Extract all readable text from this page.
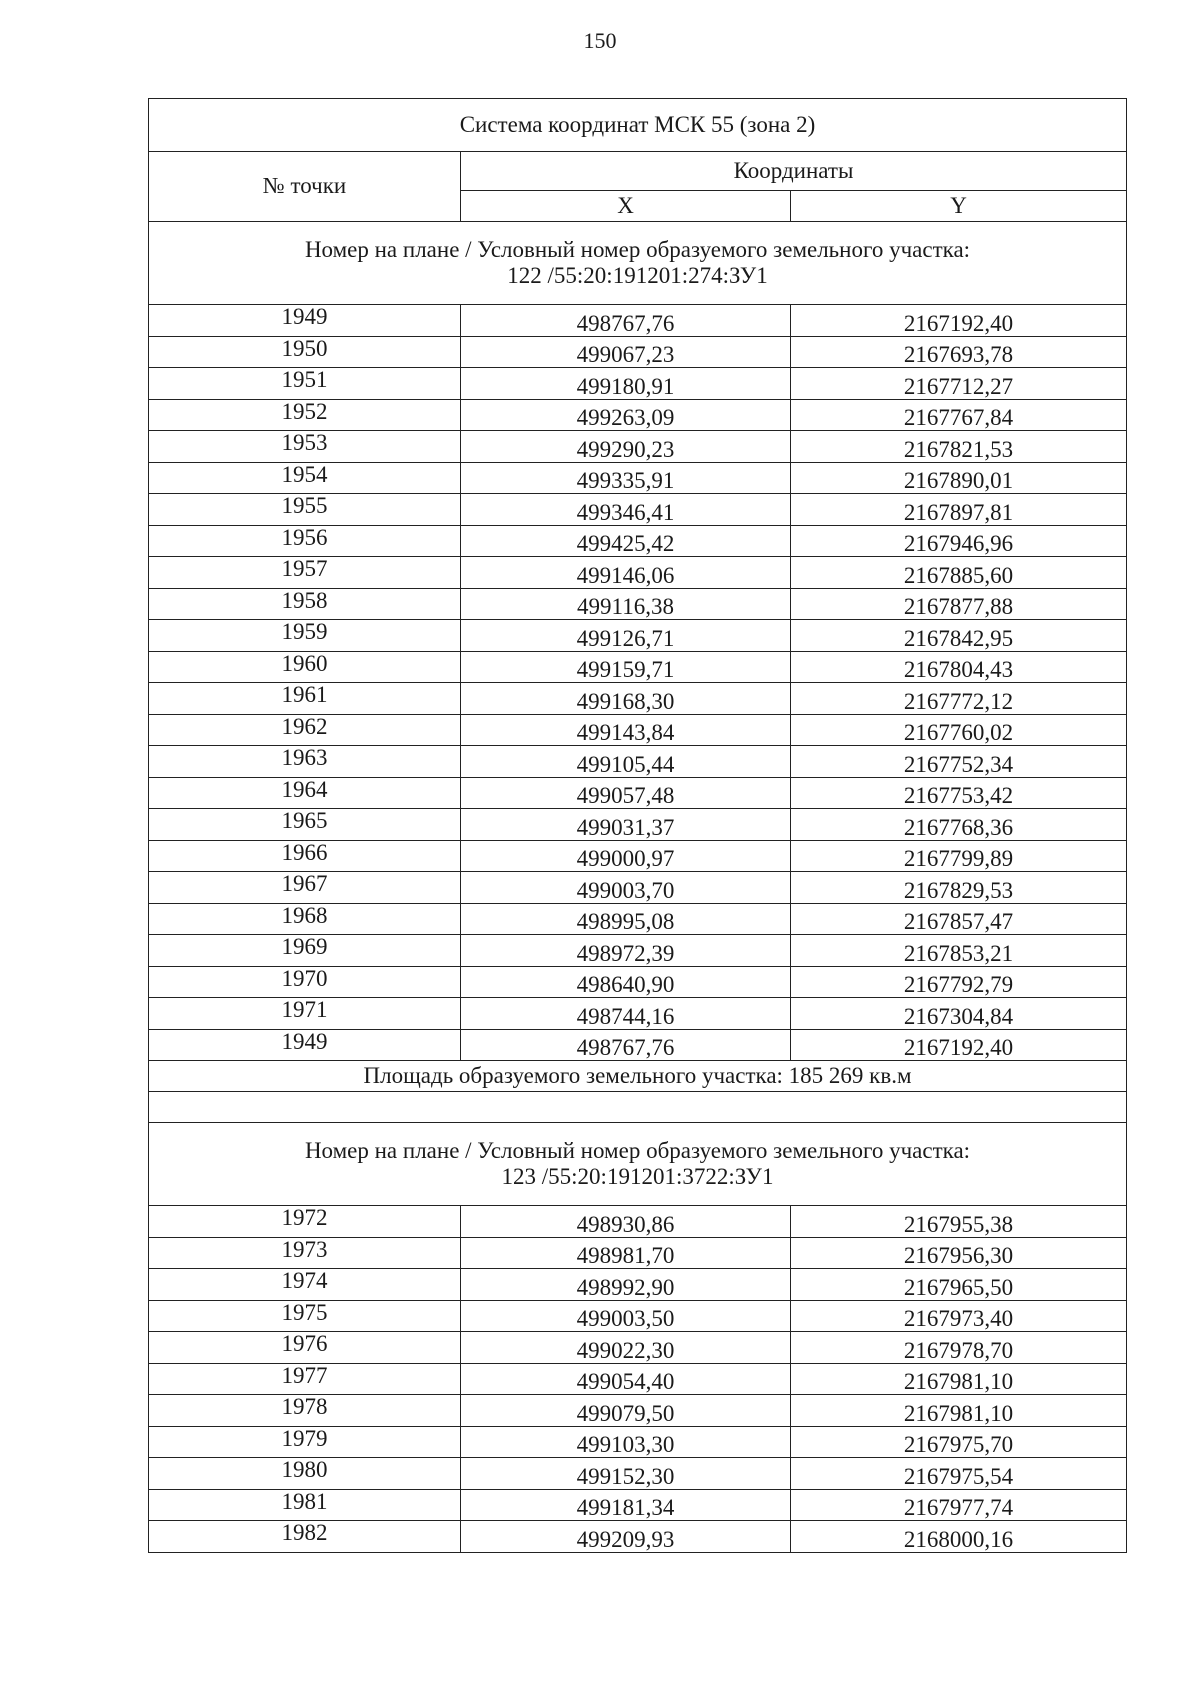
150
Система координат МСК 55 (зона 2)		
№ точки	Координаты	
	X	Y

Номер на плане / Условный номер образуемого земельного участка:
122 /55:20:191201:274:ЗУ1		

1949	498767,76	2167192,40
1950	499067,23	2167693,78
1951	499180,91	2167712,27
1952	499263,09	2167767,84
1953	499290,23	2167821,53
1954	499335,91	2167890,01
1955	499346,41	2167897,81
1956	499425,42	2167946,96
1957	499146,06	2167885,60
1958	499116,38	2167877,88
1959	499126,71	2167842,95
1960	499159,71	2167804,43
1961	499168,30	2167772,12
1962	499143,84	2167760,02
1963	499105,44	2167752,34
1964	499057,48	2167753,42
1965	499031,37	2167768,36
1966	499000,97	2167799,89
1967	499003,70	2167829,53
1968	498995,08	2167857,47
1969	498972,39	2167853,21
1970	498640,90	2167792,79
1971	498744,16	2167304,84
1949	498767,76	2167192,40
Площадь образуемого земельного участка: 185 269 кв.м		

Номер на плане / Условный номер образуемого земельного участка:
123 /55:20:191201:3722:ЗУ1		

1972	498930,86	2167955,38
1973	498981,70	2167956,30
1974	498992,90	2167965,50
1975	499003,50	2167973,40
1976	499022,30	2167978,70
1977	499054,40	2167981,10
1978	499079,50	2167981,10
1979	499103,30	2167975,70
1980	499152,30	2167975,54
1981	499181,34	2167977,74
1982	499209,93	2168000,16
